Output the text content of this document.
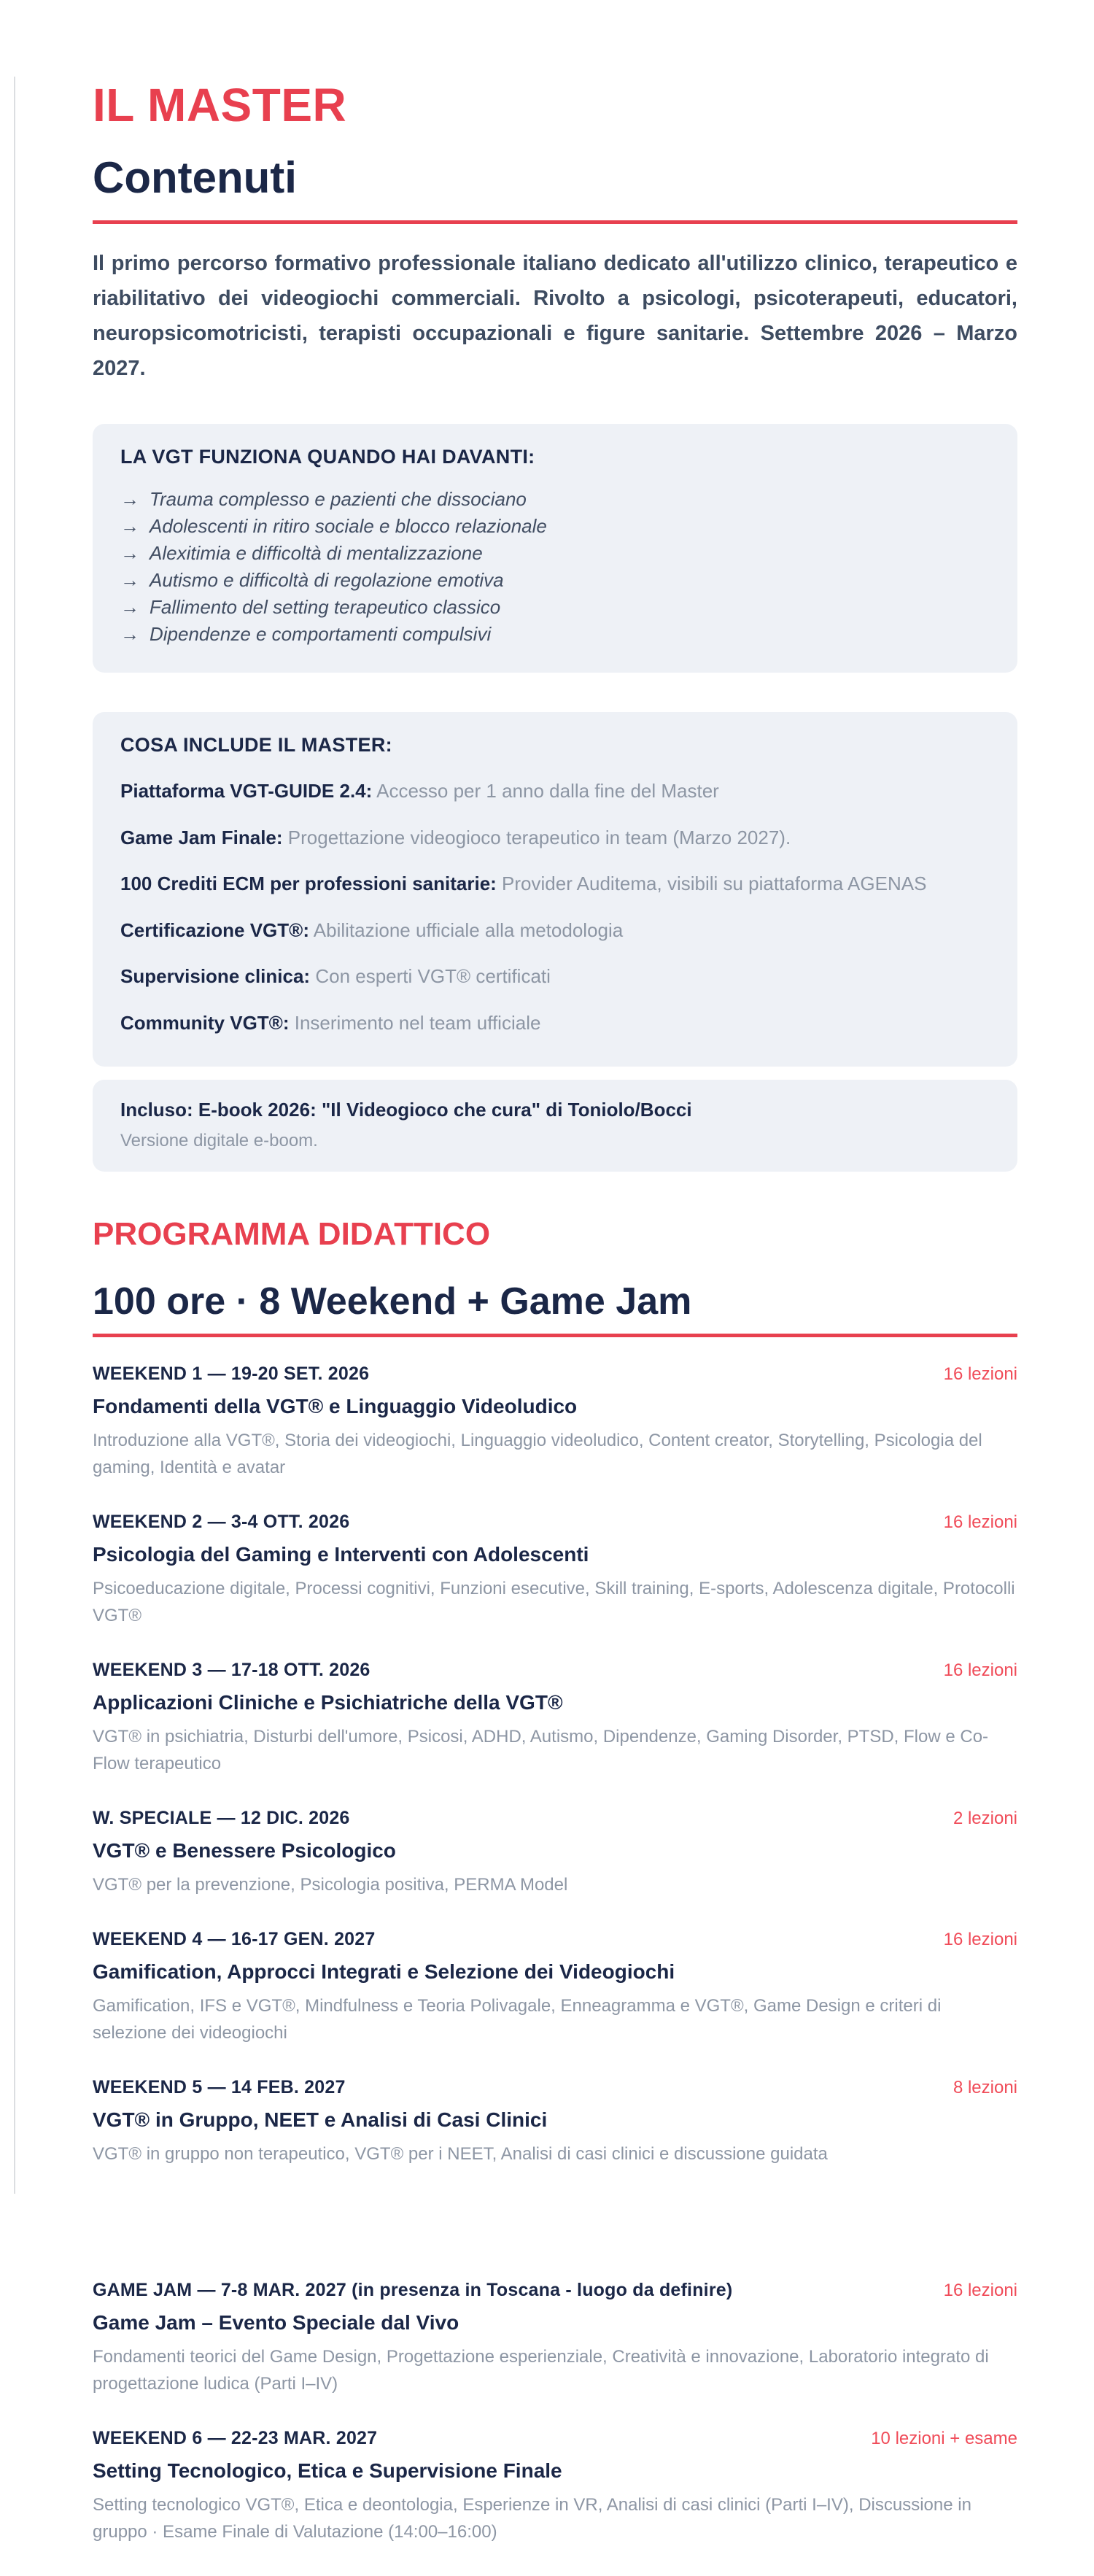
IL MASTER
Contenuti

Il primo percorso formativo professionale italiano dedicato all'utilizzo clinico, terapeutico e riabilitativo dei videogiochi commerciali. Rivolto a psicologi, psicoterapeuti, educatori, neuropsicomotricisti, terapisti occupazionali e figure sanitarie. Settembre 2026 – Marzo 2027.

LA VGT FUNZIONA QUANDO HAI DAVANTI:
→ Trauma complesso e pazienti che dissociano
→ Adolescenti in ritiro sociale e blocco relazionale
→ Alexitimia e difficoltà di mentalizzazione
→ Autismo e difficoltà di regolazione emotiva
→ Fallimento del setting terapeutico classico
→ Dipendenze e comportamenti compulsivi
COSA INCLUDE IL MASTER:
Piattaforma VGT-GUIDE 2.4: Accesso per 1 anno dalla fine del Master
Game Jam Finale: Progettazione videogioco terapeutico in team (Marzo 2027).
100 Crediti ECM per professioni sanitarie: Provider Auditema, visibili su piattaforma AGENAS
Certificazione VGT®: Abilitazione ufficiale alla metodologia
Supervisione clinica: Con esperti VGT® certificati
Community VGT®: Inserimento nel team ufficiale
Incluso: E-book 2026: "Il Videogioco che cura" di Toniolo/Bocci
Versione digitale e-boom.
PROGRAMMA DIDATTICO
100 ore · 8 Weekend + Game Jam
WEEKEND 1 — 19-20 SET. 2026	16 lezioni
Fondamenti della VGT® e Linguaggio Videoludico
Introduzione alla VGT®, Storia dei videogiochi, Linguaggio videoludico, Content creator, Storytelling, Psicologia del gaming, Identità e avatar
WEEKEND 2 — 3-4 OTT. 2026	16 lezioni
Psicologia del Gaming e Interventi con Adolescenti
Psicoeducazione digitale, Processi cognitivi, Funzioni esecutive, Skill training, E-sports, Adolescenza digitale, Protocolli VGT®
WEEKEND 3 — 17-18 OTT. 2026	16 lezioni
Applicazioni Cliniche e Psichiatriche della VGT®
VGT® in psichiatria, Disturbi dell'umore, Psicosi, ADHD, Autismo, Dipendenze, Gaming Disorder, PTSD, Flow e Co-Flow terapeutico
W. SPECIALE — 12 DIC. 2026	2 lezioni
VGT® e Benessere Psicologico
VGT® per la prevenzione, Psicologia positiva, PERMA Model
WEEKEND 4 — 16-17 GEN. 2027	16 lezioni
Gamification, Approcci Integrati e Selezione dei Videogiochi
Gamification, IFS e VGT®, Mindfulness e Teoria Polivagale, Enneagramma e VGT®, Game Design e criteri di selezione dei videogiochi
WEEKEND 5 — 14 FEB. 2027	8 lezioni
VGT® in Gruppo, NEET e Analisi di Casi Clinici
VGT® in gruppo non terapeutico, VGT® per i NEET, Analisi di casi clinici e discussione guidata
GAME JAM — 7-8 MAR. 2027 (in presenza in Toscana - luogo da definire)	16 lezioni
Game Jam – Evento Speciale dal Vivo
Fondamenti teorici del Game Design, Progettazione esperienziale, Creatività e innovazione, Laboratorio integrato di progettazione ludica (Parti I–IV)
WEEKEND 6 — 22-23 MAR. 2027	10 lezioni + esame
Setting Tecnologico, Etica e Supervisione Finale
Setting tecnologico VGT®, Etica e deontologia, Esperienze in VR, Analisi di casi clinici (Parti I–IV), Discussione in gruppo · Esame Finale di Valutazione (14:00–16:00)
